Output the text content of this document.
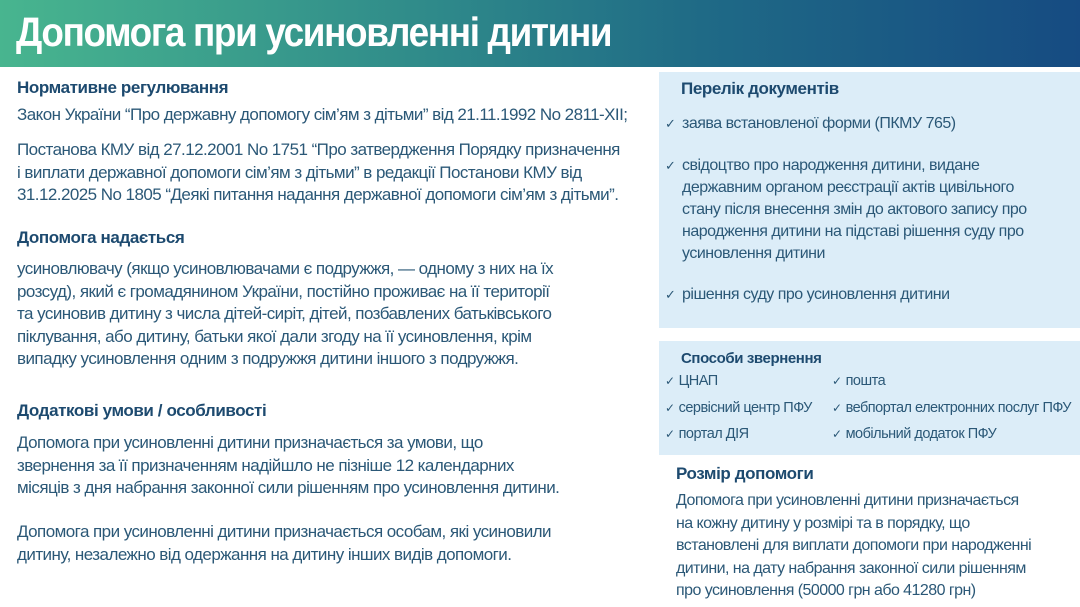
Допомога при усиновленні дитини
Нормативне регулювання
Закон України “Про державну допомогу сім’ям з дітьми” від 21.11.1992 No 2811-XII;
Постанова КМУ від 27.12.2001 No 1751 “Про затвердження Порядку призначення
і виплати державної допомоги сім’ям з дітьми” в редакції Постанови КМУ від
31.12.2025 No 1805 “Деякі питання надання державної допомоги сім’ям з дітьми”.
Допомога надається
усиновлювачу (якщо усиновлювачами є подружжя, — одному з них на їх
розсуд), який є громадянином України, постійно проживає на її території
та усиновив дитину з числа дітей-сиріт, дітей, позбавлених батьківського
піклування, або дитину, батьки якої дали згоду на її усиновлення, крім
випадку усиновлення одним з подружжя дитини іншого з подружжя.
Додаткові умови / особливості
Допомога при усиновленні дитини призначається за умови, що
звернення за її призначенням надійшло не пізніше 12 календарних
місяців з дня набрання законної сили рішенням про усиновлення дитини.
Допомога при усиновленні дитини призначається особам, які усиновили
дитину, незалежно від одержання на дитину інших видів допомоги.
Перелік документів
✓ заява встановленої форми (ПКМУ 765)
✓ свідоцтво про народження дитини, видане
державним органом реєстрації актів цивільного
стану після внесення змін до актового запису про
народження дитини на підставі рішення суду про
усиновлення дитини
✓ рішення суду про усиновлення дитини
Способи звернення
✓ ЦНАП	✓ пошта
✓ сервісний центр ПФУ ✓ вебпортал електронних послуг ПФУ
✓ портал ДІЯ	✓ мобільний додаток ПФУ
Розмір допомоги
Допомога при усиновленні дитини призначається
на кожну дитину у розмірі та в порядку, що
встановлені для виплати допомоги при народженні
дитини, на дату набрання законної сили рішенням
про усиновлення (50000 грн або 41280 грн)
